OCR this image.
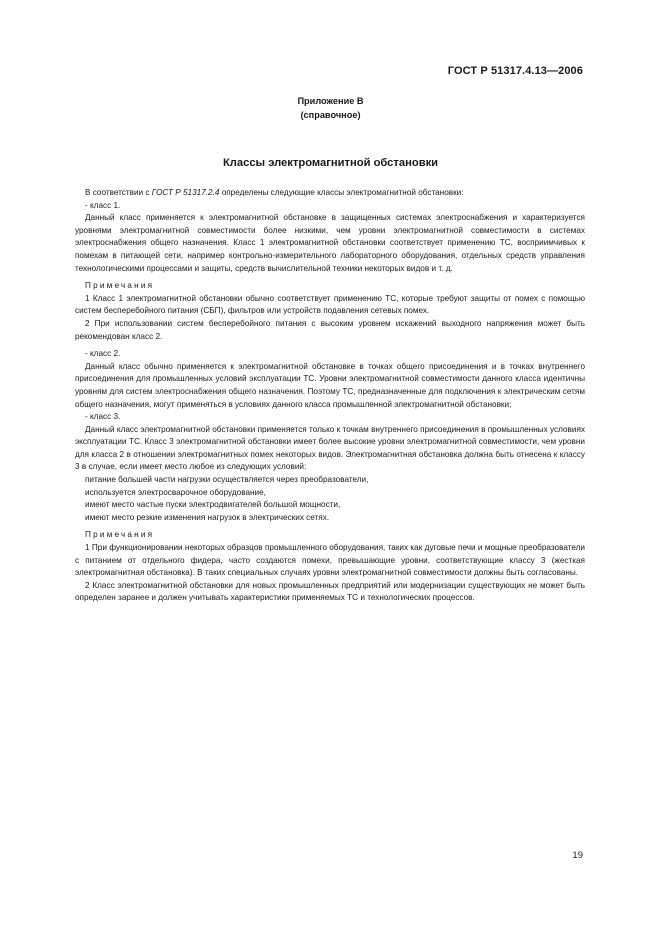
ГОСТ Р 51317.4.13—2006
Приложение В
(справочное)
Классы электромагнитной обстановки

В соответствии с ГОСТ Р 51317.2.4 определены следующие классы электромагнитной обстановки:

- класс 1.

Данный класс применяется к электромагнитной обстановке в защищенных системах электроснабжения и характеризуется уровнями электромагнитной совместимости более низкими, чем уровни электромагнитной совместимости в системах электроснабжения общего назначения. Класс 1 электромагнитной обстановки соответствует применению ТС, восприимчивых к помехам в питающей сети, например контрольно-измерительного лабораторного оборудования, отдельных средств управления технологическими процессами и защиты, средств вычислительной техники некоторых видов и т. д.

Примечания

1 Класс 1 электромагнитной обстановки обычно соответствует применению ТС, которые требуют защиты от помех с помощью систем бесперебойного питания (СБП), фильтров или устройств подавления сетевых помех.

2 При использовании систем бесперебойного питания с высоким уровнем искажений выходного напряжения может быть рекомендован класс 2.

- класс 2.

Данный класс обычно применяется к электромагнитной обстановке в точках общего присоединения и в точках внутреннего присоединения для промышленных условий эксплуатации ТС. Уровни электромагнитной совместимости данного класса идентичны уровням для систем электроснабжения общего назначения. Поэтому ТС, предназначенные для подключения к электрическим сетям общего назначения, могут применяться в условиях данного класса промышленной электромагнитной обстановки;

- класс 3.

Данный класс электромагнитной обстановки применяется только к точкам внутреннего присоединения в промышленных условиях эксплуатации ТС. Класс 3 электромагнитной обстановки имеет более высокие уровни электромагнитной совместимости, чем уровни для класса 2 в отношении электромагнитных помех некоторых видов. Электромагнитная обстановка должна быть отнесена к классу 3 в случае, если имеет место любое из следующих условий:

питание большей части нагрузки осуществляется через преобразователи,

используется электросварочное оборудование,

имеют место частые пуски электродвигателей большой мощности,

имеют место резкие изменения нагрузок в электрических сетях.

Примечания

1 При функционировании некоторых образцов промышленного оборудования, таких как дуговые печи и мощные преобразователи с питанием от отдельного фидера, часто создаются помехи, превышающие уровни, соответствующие классу 3 (жесткая электромагнитная обстановка). В таких специальных случаях уровни электромагнитной совместимости должны быть согласованы.

2 Класс электромагнитной обстановки для новых промышленных предприятий или модернизации существующих не может быть определен заранее и должен учитывать характеристики применяемых ТС и технологических процессов.

19
